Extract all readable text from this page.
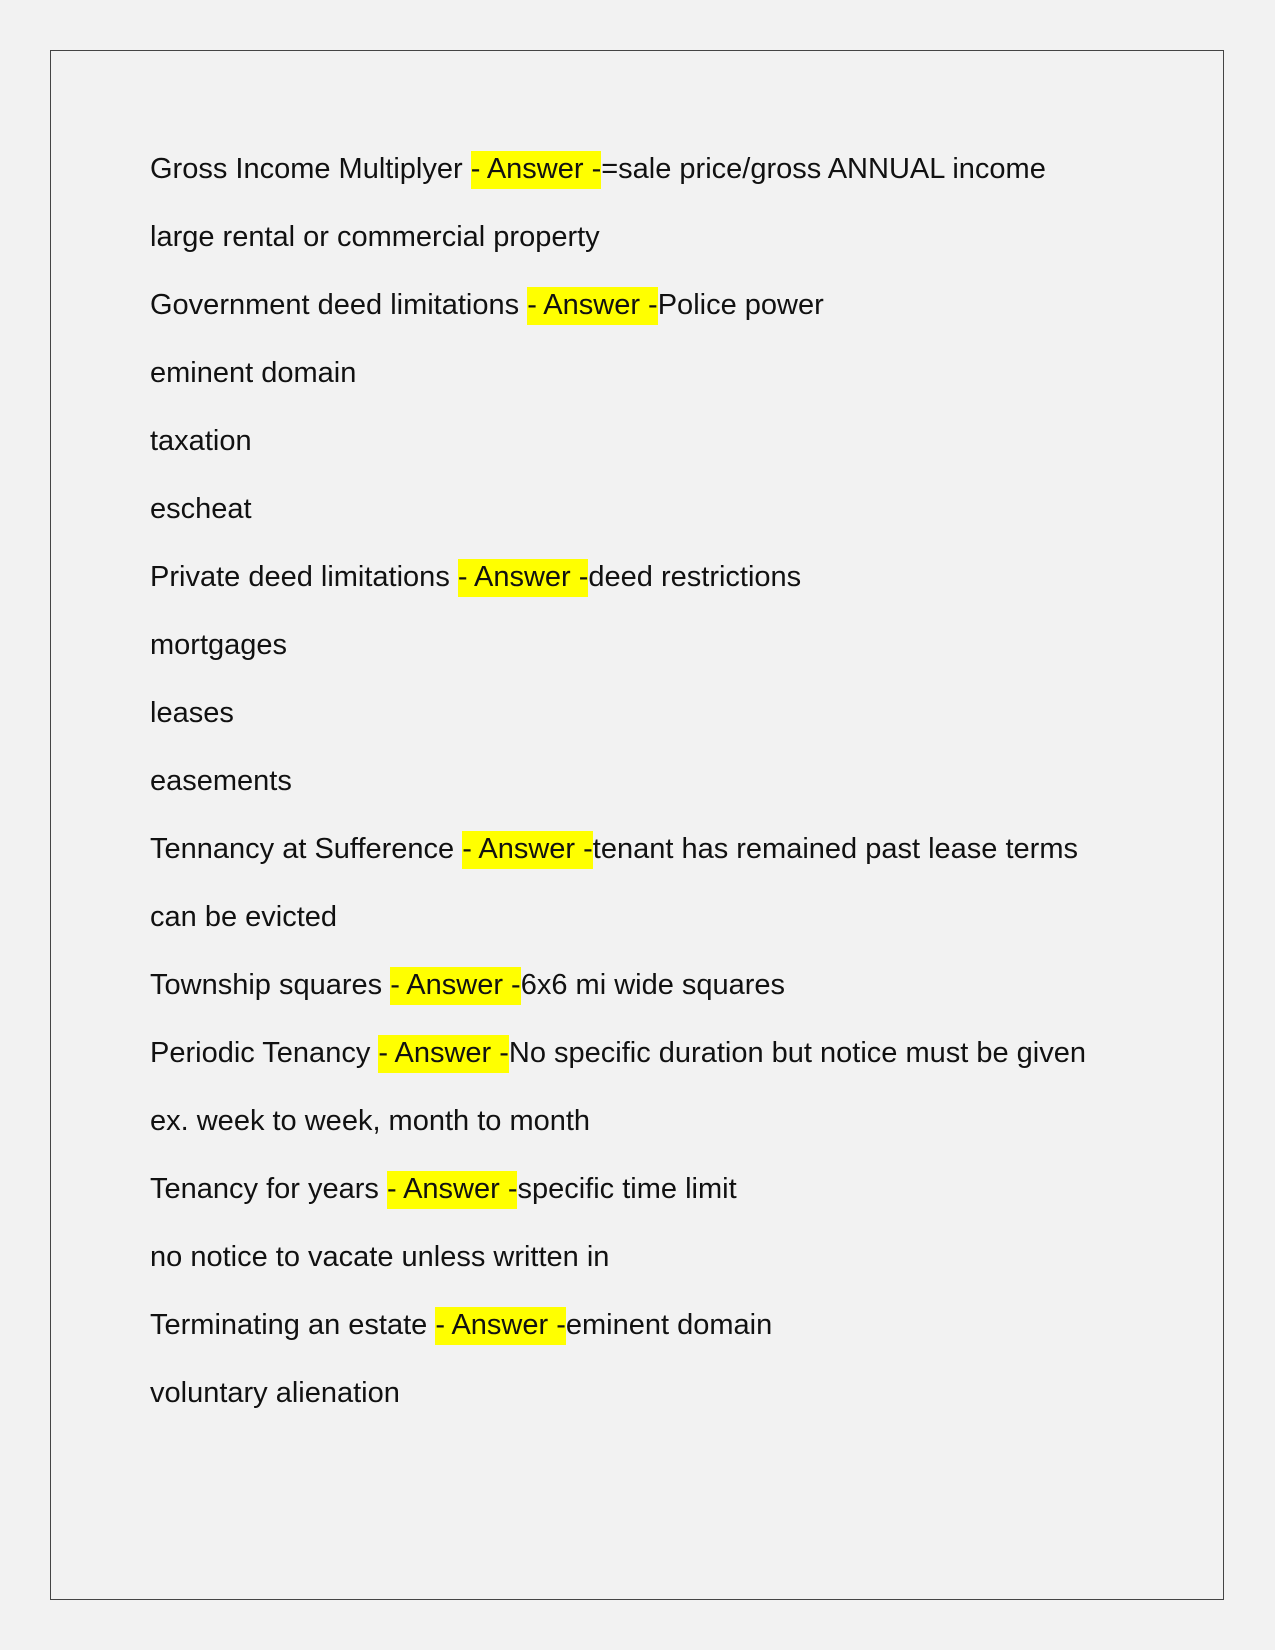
Gross Income Multiplyer - Answer -=sale price/gross ANNUAL income

large rental or commercial property

Government deed limitations - Answer -Police power

eminent domain

taxation

escheat

Private deed limitations - Answer -deed restrictions

mortgages

leases

easements

Tennancy at Sufference - Answer -tenant has remained past lease terms

can be evicted

Township squares - Answer -6x6 mi wide squares

Periodic Tenancy - Answer -No specific duration but notice must be given

ex. week to week, month to month

Tenancy for years - Answer -specific time limit

no notice to vacate unless written in

Terminating an estate - Answer -eminent domain

voluntary alienation
